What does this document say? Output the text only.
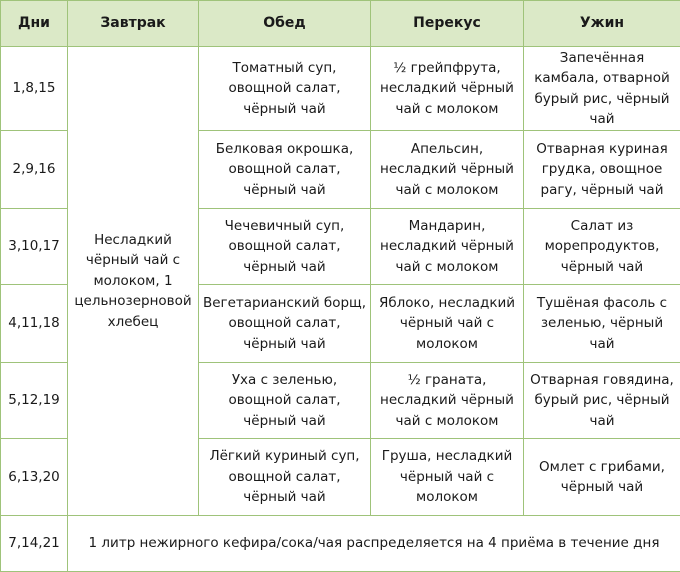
Дни	Завтрак	Обед	Перекус	Ужин
1,8,15	Несладкий чёрный чай с молоком, 1 цельнозерновой хлебец	Томатный суп, овощной салат, чёрный чай	½ грейпфрута, несладкий чёрный чай с молоком	Запечённая камбала, отварной бурый рис, чёрный чай
2,9,16		Белковая окрошка, овощной салат, чёрный чай	Апельсин, несладкий чёрный чай с молоком	Отварная куриная грудка, овощное рагу, чёрный чай
3,10,17		Чечевичный суп, овощной салат, чёрный чай	Мандарин, несладкий чёрный чай с молоком	Салат из морепродуктов, чёрный чай
4,11,18		Вегетарианский борщ, овощной салат, чёрный чай	Яблоко, несладкий чёрный чай с молоком	Тушёная фасоль с зеленью, чёрный чай
5,12,19		Уха с зеленью, овощной салат, чёрный чай	½ граната, несладкий чёрный чай с молоком	Отварная говядина, бурый рис, чёрный чай
6,13,20		Лёгкий куриный суп, овощной салат, чёрный чай	Груша, несладкий чёрный чай с молоком	Омлет с грибами, чёрный чай
7,14,21	1 литр нежирного кефира/сока/чая распределяется на 4 приёма в течение дня			
